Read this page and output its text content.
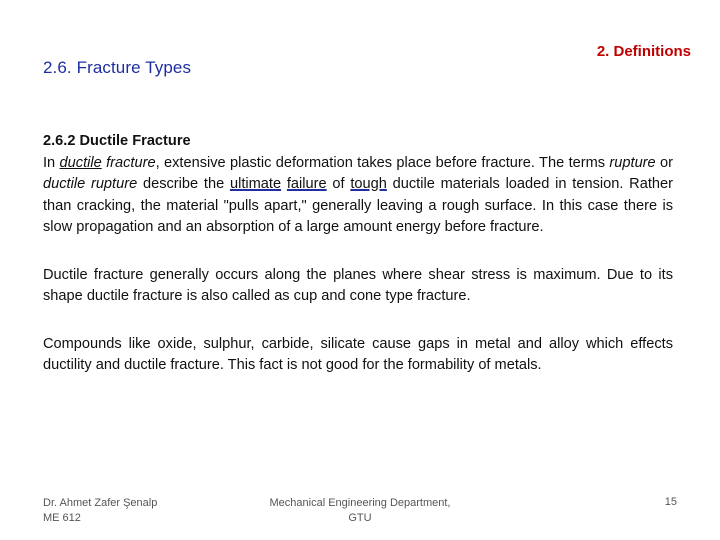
2.6. Fracture Types
2. Definitions

2.6.2 Ductile Fracture

In ductile fracture, extensive plastic deformation takes place before fracture. The terms rupture or ductile rupture describe the ultimate failure of tough ductile materials loaded in tension. Rather than cracking, the material "pulls apart," generally leaving a rough surface. In this case there is slow propagation and an absorption of a large amount energy before fracture.

Ductile fracture generally occurs along the planes where shear stress is maximum. Due to its shape ductile fracture is also called as cup and cone type fracture.

Compounds like oxide, sulphur, carbide, silicate cause gaps in metal and alloy which effects ductility and ductile fracture. This fact is not good for the formability of metals.

Dr. Ahmet Zafer Şenalp
ME 612
Mechanical Engineering Department,
GTU
15
